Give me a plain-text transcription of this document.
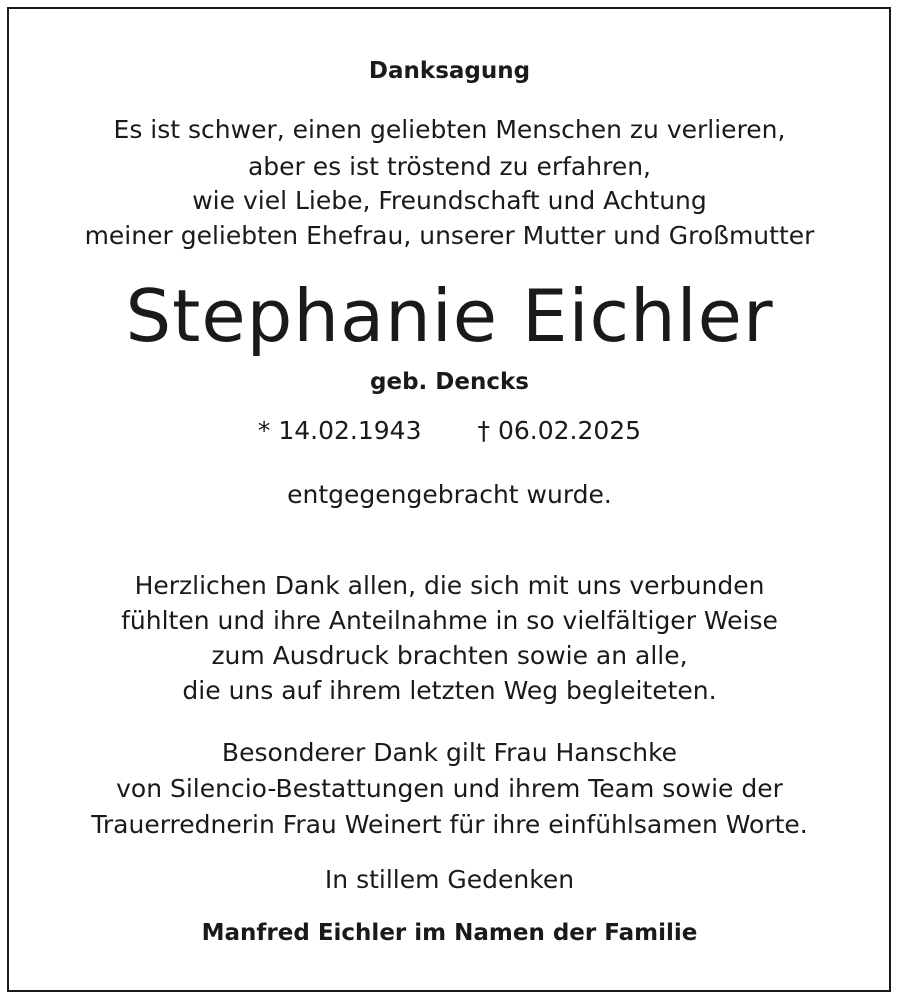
Danksagung
Es ist schwer, einen geliebten Menschen zu verlieren,
aber es ist tröstend zu erfahren,
wie viel Liebe, Freundschaft und Achtung
meiner geliebten Ehefrau, unserer Mutter und Großmutter
Stephanie Eichler
geb. Dencks
* 14.02.1943 † 06.02.2025
entgegengebracht wurde.
Herzlichen Dank allen, die sich mit uns verbunden
fühlten und ihre Anteilnahme in so vielfältiger Weise
zum Ausdruck brachten sowie an alle,
die uns auf ihrem letzten Weg begleiteten.
Besonderer Dank gilt Frau Hanschke
von Silencio-Bestattungen und ihrem Team sowie der
Trauerrednerin Frau Weinert für ihre einfühlsamen Worte.
In stillem Gedenken
Manfred Eichler im Namen der Familie
